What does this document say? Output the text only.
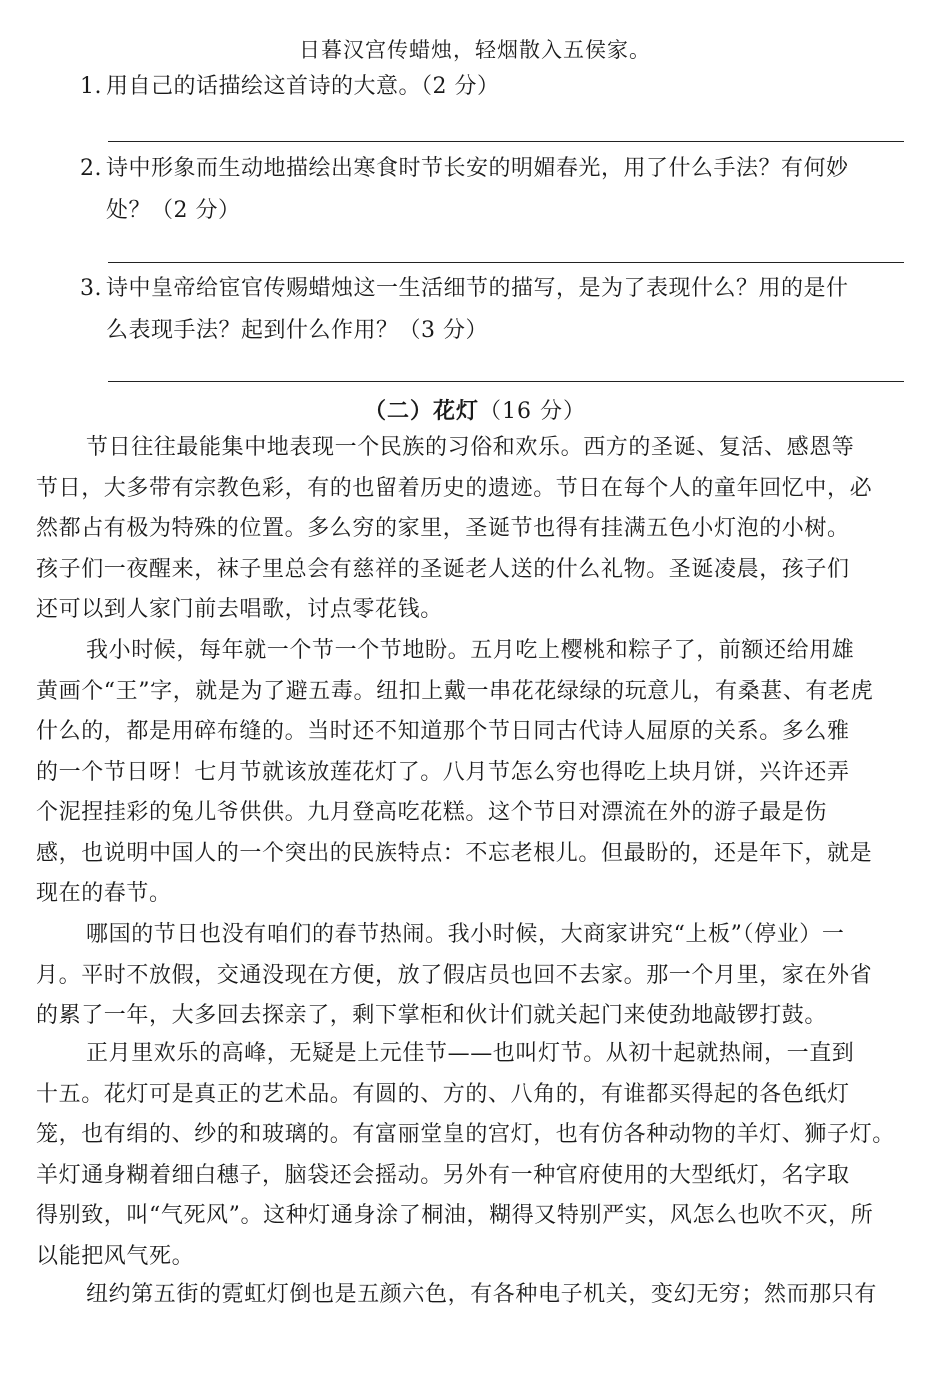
日暮汉宫传蜡烛，轻烟散入五侯家。
1. 用自己的话描绘这首诗的大意。（2 分）
2. 诗中形象而生动地描绘出寒食时节长安的明媚春光，用了什么手法？有何妙
处？（2 分）
3. 诗中皇帝给宦官传赐蜡烛这一生活细节的描写，是为了表现什么？用的是什
么表现手法？起到什么作用？（3 分）
（二）花灯（16 分）
节日往往最能集中地表现一个民族的习俗和欢乐。西方的圣诞、复活、感恩等
节日，大多带有宗教色彩，有的也留着历史的遗迹。节日在每个人的童年回忆中，必
然都占有极为特殊的位置。多么穷的家里，圣诞节也得有挂满五色小灯泡的小树。
孩子们一夜醒来，袜子里总会有慈祥的圣诞老人送的什么礼物。圣诞凌晨，孩子们
还可以到人家门前去唱歌，讨点零花钱。
我小时候，每年就一个节一个节地盼。五月吃上樱桃和粽子了，前额还给用雄
黄画个“王”字，就是为了避五毒。纽扣上戴一串花花绿绿的玩意儿，有桑葚、有老虎
什么的，都是用碎布缝的。当时还不知道那个节日同古代诗人屈原的关系。多么雅
的一个节日呀！七月节就该放莲花灯了。八月节怎么穷也得吃上块月饼，兴许还弄
个泥捏挂彩的兔儿爷供供。九月登高吃花糕。这个节日对漂流在外的游子最是伤
感，也说明中国人的一个突出的民族特点：不忘老根儿。但最盼的，还是年下，就是
现在的春节。
哪国的节日也没有咱们的春节热闹。我小时候，大商家讲究“上板”（停业）一
月。平时不放假，交通没现在方便，放了假店员也回不去家。那一个月里，家在外省
的累了一年，大多回去探亲了，剩下掌柜和伙计们就关起门来使劲地敲锣打鼓。
正月里欢乐的高峰，无疑是上元佳节——也叫灯节。从初十起就热闹，一直到
十五。花灯可是真正的艺术品。有圆的、方的、八角的，有谁都买得起的各色纸灯
笼，也有绢的、纱的和玻璃的。有富丽堂皇的宫灯，也有仿各种动物的羊灯、狮子灯。
羊灯通身糊着细白穗子，脑袋还会摇动。另外有一种官府使用的大型纸灯，名字取
得别致，叫“气死风”。这种灯通身涂了桐油，糊得又特别严实，风怎么也吹不灭，所
以能把风气死。
纽约第五街的霓虹灯倒也是五颜六色，有各种电子机关，变幻无穷；然而那只有
